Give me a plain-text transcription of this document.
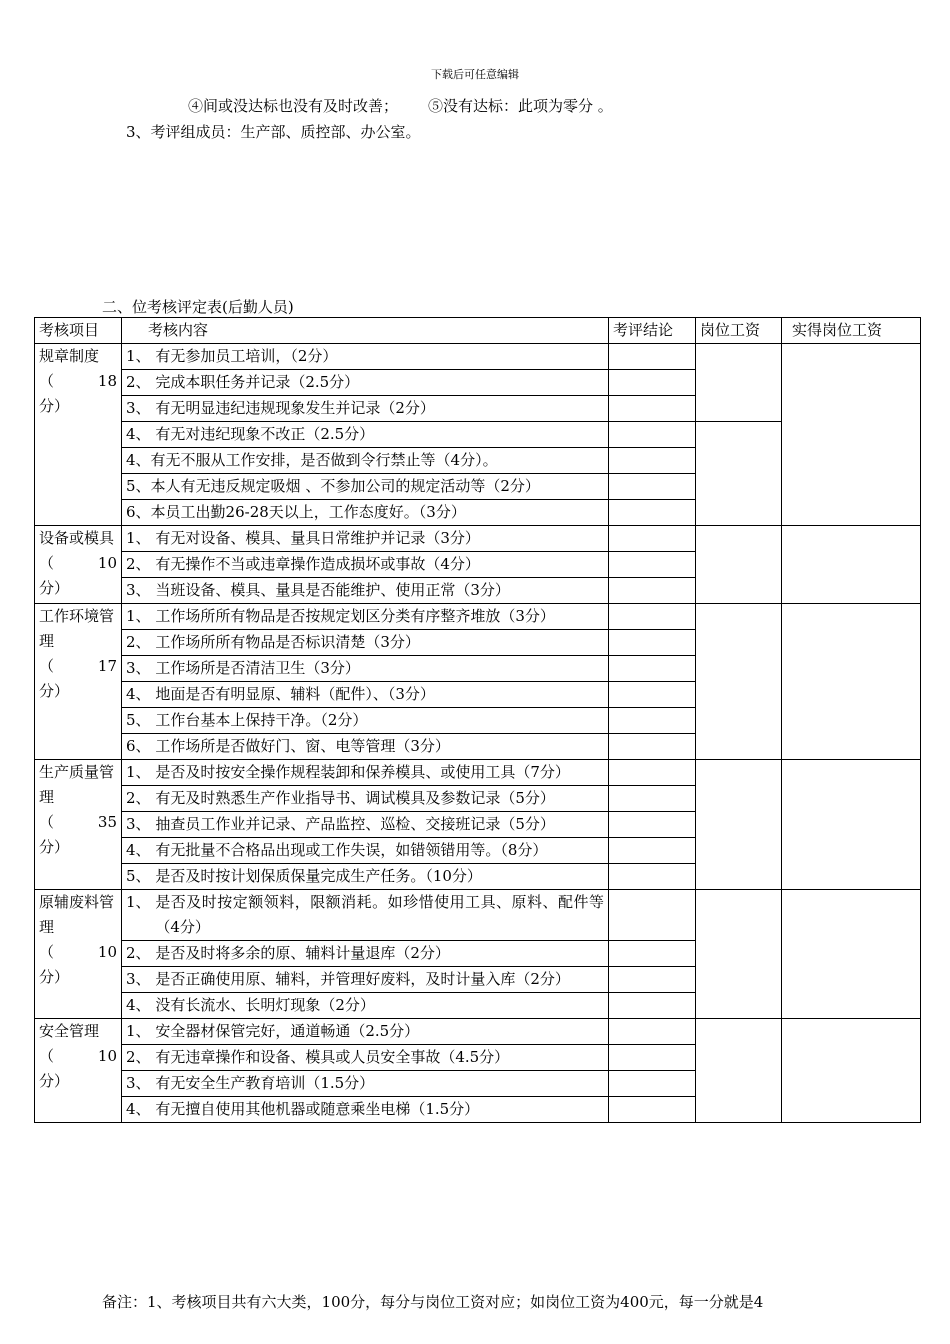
下载后可任意编辑
④间或没达标也没有及时改善； ⑤没有达标：此项为零分 。
3、考评组成员：生产部、质控部、办公室。
二、位考核评定表(后勤人员)
考核项目	考核内容	考评结论	岗位工资	实得岗位工资

规章制度
（ 18
分）	1、 有无参加员工培训，（2分）			

	2、 完成本职任务并记录（2.5分）			

	3、 有无明显违纪违规现象发生并记录（2分）			

	4、 有无对违纪现象不改正（2.5分）			

	4、 有无不服从工作安排，是否做到令行禁止等（4分）。			

	5、 本人有无违反规定吸烟 、不参加公司的规定活动等（2分）			

	6、 本员工出勤26-28天以上，工作态度好。（3分）			

设备或模具
（ 10
分）	1、 有无对设备、模具、量具日常维护并记录（3分）			

	2、 有无操作不当或违章操作造成损坏或事故（4分）			

	3、 当班设备、模具、量具是否能维护、使用正常（3分）			

工作环境管理
（ 17
分）	1、 工作场所所有物品是否按规定划区分类有序整齐堆放（3分）			

	2、 工作场所所有物品是否标识清楚（3分）			

	3、 工作场所是否清洁卫生（3分）			

	4、 地面是否有明显原、辅料（配件）、（3分）			

	5、 工作台基本上保持干净。（2分）			

	6、 工作场所是否做好门、窗、电等管理（3分）			

生产质量管理
（ 35
分）	1、 是否及时按安全操作规程装卸和保养模具、或使用工具（7分）			

	2、 有无及时熟悉生产作业指导书、调试模具及参数记录（5分）			

	3、 抽查员工作业并记录、产品监控、巡检、交接班记录（5分）			

	4、 有无批量不合格品出现或工作失误，如错领错用等。（8分）			

	5、 是否及时按计划保质保量完成生产任务。（10分）			

原辅废料管理
（ 10
分）	1、 是否及时按定额领料，限额消耗。如珍惜使用工具、原料、配件等（4分）			

	2、 是否及时将多余的原、辅料计量退库（2分）			

	3、 是否正确使用原、辅料，并管理好废料，及时计量入库（2分）			

	4、 没有长流水、长明灯现象（2分）			

安全管理
（ 10
分）	1、 安全器材保管完好，通道畅通（2.5分）			

	2、 有无违章操作和设备、模具或人员安全事故（4.5分）			

	3、 有无安全生产教育培训（1.5分）			

	4、 有无擅自使用其他机器或随意乘坐电梯（1.5分）			

备注：1、考核项目共有六大类，100分，每分与岗位工资对应；如岗位工资为400元，每一分就是4
